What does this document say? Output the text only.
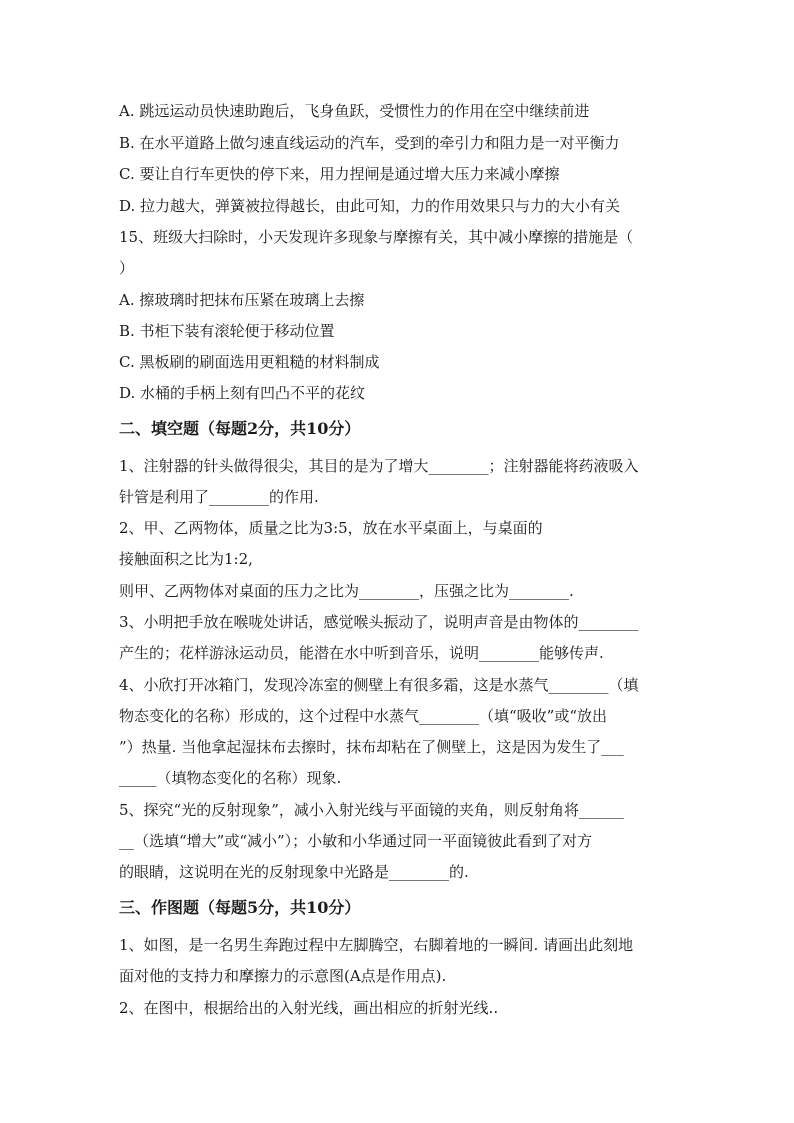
A. 跳远运动员快速助跑后，飞身鱼跃，受惯性力的作用在空中继续前进
B. 在水平道路上做匀速直线运动的汽车，受到的牵引力和阻力是一对平衡力
C. 要让自行车更快的停下来，用力捏闸是通过增大压力来减小摩擦
D. 拉力越大，弹簧被拉得越长，由此可知，力的作用效果只与力的大小有关
15、班级大扫除时，小天发现许多现象与摩擦有关，其中减小摩擦的措施是（
）
A. 擦玻璃时把抹布压紧在玻璃上去擦
B. 书柜下装有滚轮便于移动位置
C. 黑板刷的刷面选用更粗糙的材料制成
D. 水桶的手柄上刻有凹凸不平的花纹
二、填空题（每题2分，共10分）
1、注射器的针头做得很尖，其目的是为了增大________；注射器能将药液吸入
针管是利用了________的作用.
2、甲、乙两物体，质量之比为3:5，放在水平桌面上，与桌面的
接触面积之比为1:2,
则甲、乙两物体对桌面的压力之比为________，压强之比为________.
3、小明把手放在喉咙处讲话，感觉喉头振动了，说明声音是由物体的________
产生的；花样游泳运动员，能潜在水中听到音乐，说明________能够传声.
4、小欣打开冰箱门，发现冷冻室的侧壁上有很多霜，这是水蒸气________（填
物态变化的名称）形成的，这个过程中水蒸气________（填“吸收”或“放出
”）热量. 当他拿起湿抹布去擦时，抹布却粘在了侧壁上，这是因为发生了___
_____（填物态变化的名称）现象.
5、探究“光的反射现象”，减小入射光线与平面镜的夹角，则反射角将______
__（选填“增大”或“减小”）；小敏和小华通过同一平面镜彼此看到了对方
的眼睛，这说明在光的反射现象中光路是________的.
三、作图题（每题5分，共10分）
1、如图，是一名男生奔跑过程中左脚腾空，右脚着地的一瞬间. 请画出此刻地
面对他的支持力和摩擦力的示意图(A点是作用点).
2、在图中，根据给出的入射光线，画出相应的折射光线..
